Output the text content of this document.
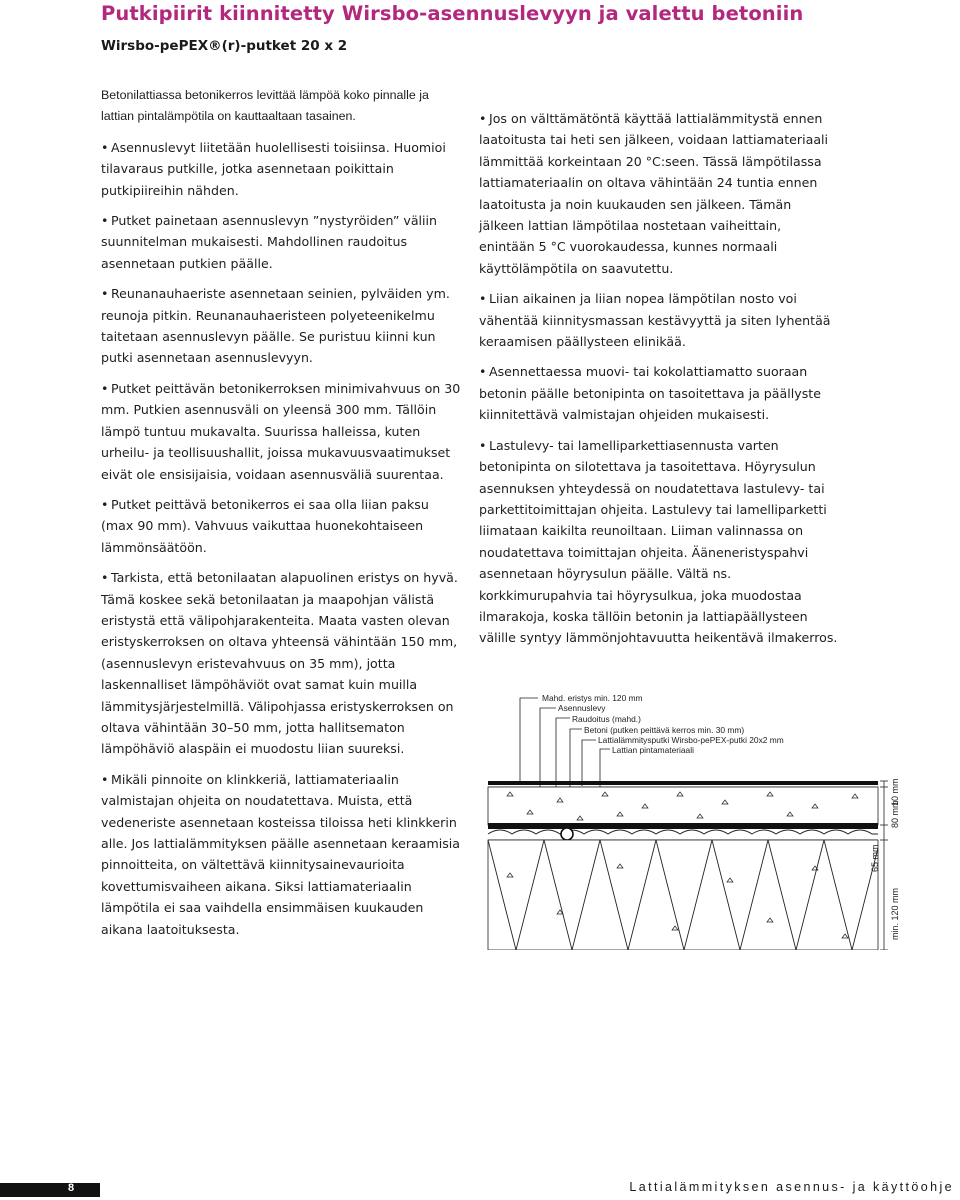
Putkipiirit kiinnitetty Wirsbo-asennuslevyyn ja valettu betoniin
Wirsbo-pePEX®(r)-putket 20 x 2

Betonilattiassa betonikerros levittää lämpöä koko pinnalle ja lattian pintalämpötila on kauttaaltaan tasainen.

• Asennuslevyt liitetään huolellisesti toisiinsa. Huomioi tilavaraus putkille, jotka asennetaan poikittain putkipiireihin nähden.

• Putket painetaan asennuslevyn ”nystyröiden” väliin suunnitelman mukaisesti. Mahdollinen raudoitus asennetaan putkien päälle.

• Reunanauhaeriste asennetaan seinien, pylväiden ym. reunoja pitkin. Reunanauhaeristeen polyeteenikelmu taitetaan asennuslevyn päälle. Se puristuu kiinni kun putki asennetaan asennuslevyyn.

• Putket peittävän betonikerroksen minimivahvuus on 30 mm. Putkien asennusväli on yleensä 300 mm. Tällöin lämpö tuntuu mukavalta. Suurissa halleissa, kuten urheilu- ja teollisuushallit, joissa mukavuusvaatimukset eivät ole ensisijaisia, voidaan asennusväliä suurentaa.

• Putket peittävä betonikerros ei saa olla liian paksu (max 90 mm). Vahvuus vaikuttaa huonekohtaiseen lämmönsäätöön.

• Tarkista, että betonilaatan alapuolinen eristys on hyvä. Tämä koskee sekä betonilaatan ja maapohjan välistä eristystä että välipohjarakenteita. Maata vasten olevan eristyskerroksen on oltava yhteensä vähintään 150 mm, (asennuslevyn eristevahvuus on 35 mm), jotta laskennalliset lämpöhäviöt ovat samat kuin muilla lämmitysjärjestelmillä. Välipohjassa eristyskerroksen on oltava vähintään 30–50 mm, jotta hallitsematon lämpöhäviö alaspäin ei muodostu liian suureksi.

• Mikäli pinnoite on klinkkeriä, lattiamateriaalin valmistajan ohjeita on noudatettava. Muista, että vedeneriste asennetaan kosteissa tiloissa heti klinkkerin alle. Jos lattialämmityksen päälle asennetaan keraamisia pinnoitteita, on vältettävä kiinnitysainevaurioita kovettumisvaiheen aikana. Siksi lattiamateriaalin lämpötila ei saa vaihdella ensimmäisen kuukauden aikana laatoituksesta.

• Jos on välttämätöntä käyttää lattialämmitystä ennen laatoitusta tai heti sen jälkeen, voidaan lattiamateriaali lämmittää korkeintaan 20 °C:seen. Tässä lämpötilassa lattiamateriaalin on oltava vähintään 24 tuntia ennen laatoitusta ja noin kuukauden sen jälkeen. Tämän jälkeen lattian lämpötilaa nostetaan vaiheittain, enintään 5 °C vuorokaudessa, kunnes normaali käyttölämpötila on saavutettu.

• Liian aikainen ja liian nopea lämpötilan nosto voi vähentää kiinnitysmassan kestävyyttä ja siten lyhentää keraamisen päällysteen elinikää.

• Asennettaessa muovi- tai kokolattiamatto suoraan betonin päälle betonipinta on tasoitettava ja päällyste kiinnitettävä valmistajan ohjeiden mukaisesti.

• Lastulevy- tai lamelliparkettiasennusta varten betonipinta on silotettava ja tasoitettava. Höyrysulun asennuksen yhteydessä on noudatettava lastulevy- tai parkettitoimittajan ohjeita. Lastulevy tai lamelliparketti liimataan kaikilta reunoiltaan. Liiman valinnassa on noudatettava toimittajan ohjeita. Ääneneristyspahvi asennetaan höyrysulun päälle. Vältä ns. korkkimurupahvia tai höyrysulkua, joka muodostaa ilmarakoja, koska tällöin betonin ja lattiapäällysteen välille syntyy lämmönjohtavuutta heikentävä ilmakerros.

Mahd. eristys min. 120 mm
Asennuslevy
Raudoitus (mahd.)
Betoni (putken peittävä kerros min. 30 mm)
Lattialämmitysputki Wirsbo-pePEX-putki 20x2 mm
Lattian pintamateriaali
10 mm
80 mm
65 mm
min. 120 mm
8	Lattialämmityksen asennus- ja käyttöohje
